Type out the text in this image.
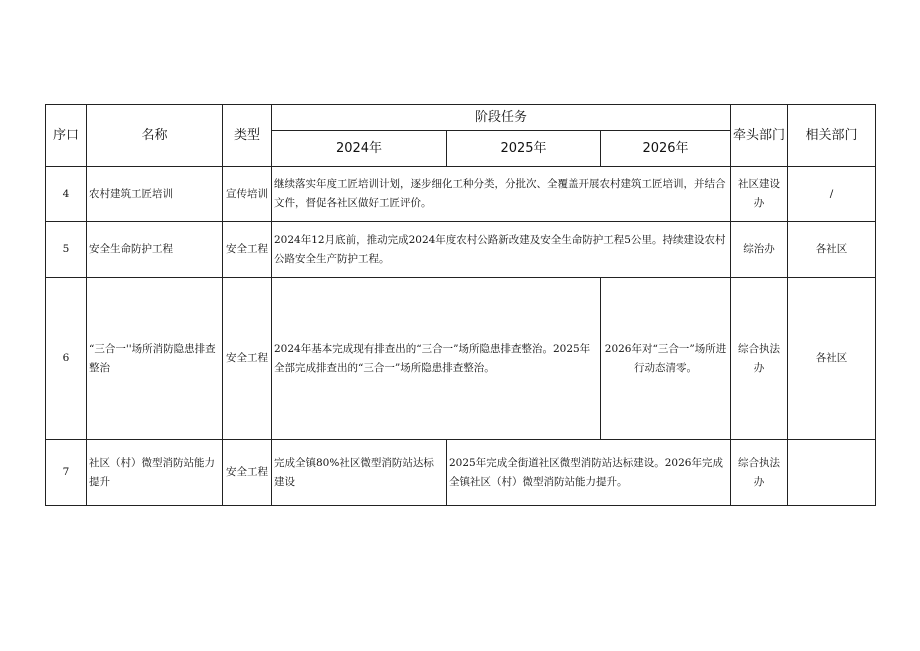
序口	名称	类型	阶段任务			牵头部门	相关部门
			2024年	2025年	2026年		
4	农村建筑工匠培训	宣传培训	继续落实年度工匠培训计划，逐步细化工种分类，分批次、全覆盖开展农村建筑工匠培训，并结合文件，督促各社区做好工匠评价。			社区建设办	/
5	安全生命防护工程	安全工程	2024年12月底前，推动完成2024年度农村公路新改建及安全生命防护工程5公里。持续建设农村公路安全生产防护工程。			综治办	各社区
6	“三合一''场所消防隐患排查整治	安全工程	2024年基本完成现有排查出的“三合一”场所隐患排查整治。2025年全部完成排查出的“三合一”场所隐患排查整治。		2026年对“三合一”场所进行动态清零。	综合执法办	各社区
7	社区（村）微型消防站能力提升	安全工程	完成全镇80%社区微型消防站达标建设	2025年完成全街道社区微型消防站达标建设。2026年完成全镇社区（村）微型消防站能力提升。		综合执法办	
